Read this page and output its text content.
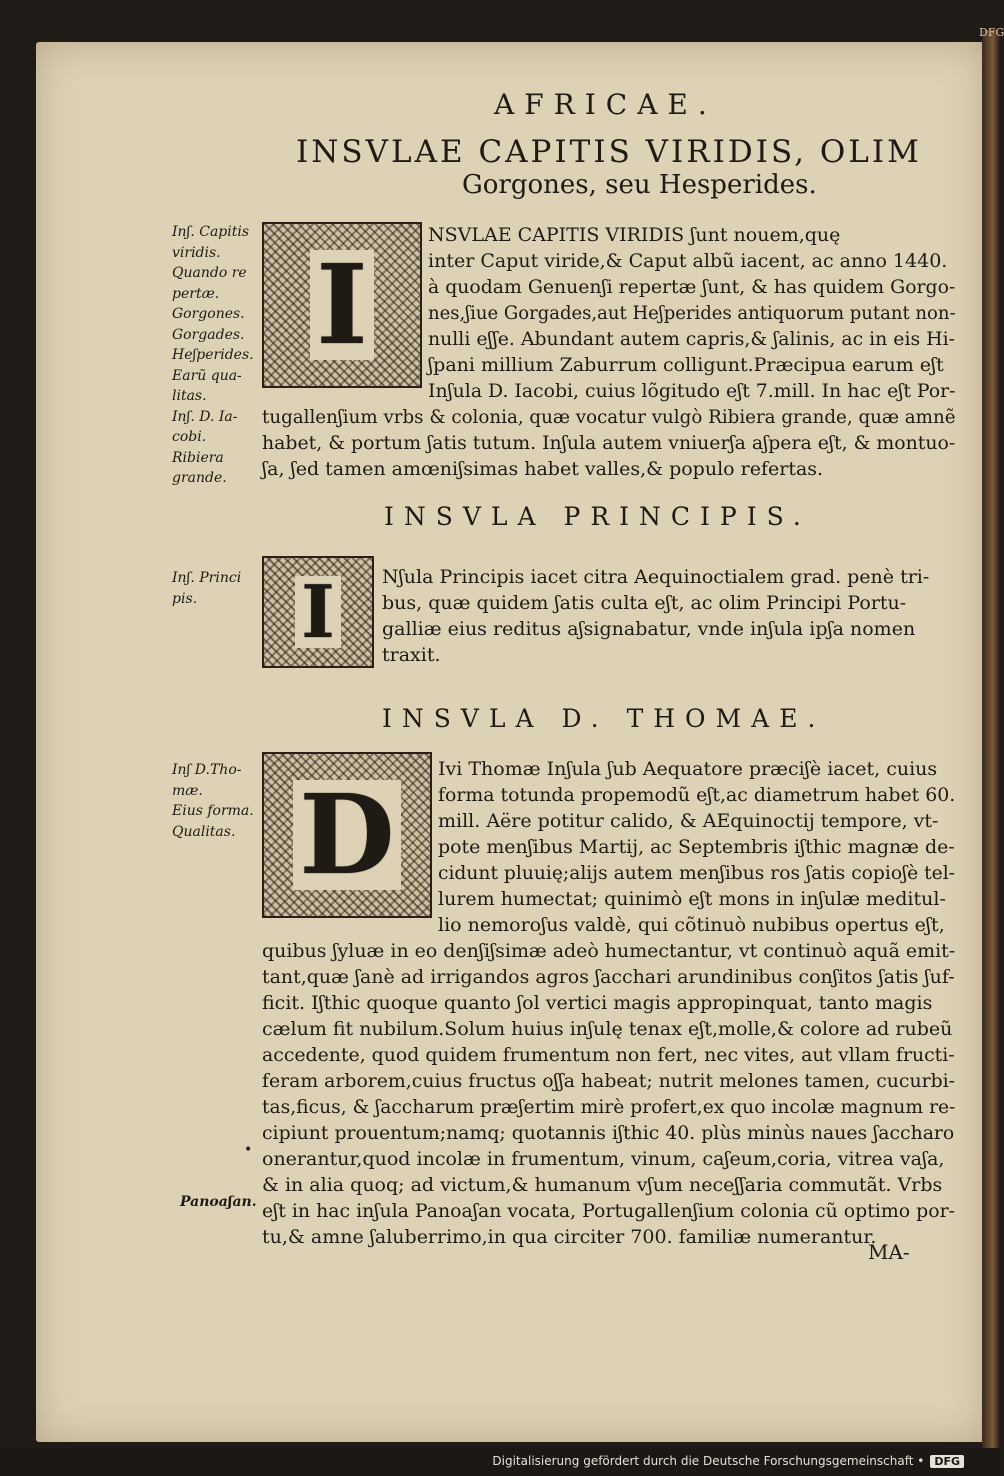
DFG
AFRICAE.
INSVLAE CAPITIS VIRIDIS, OLIM
Gorgones, seu Hesperides.
Inʃ. Capitis
viridis.
Quando re
pertæ.
Gorgones.
Gorgades.
Heʃperides.
Earũ qua-
litas.
Inʃ. D. Ia-
cobi.
Ribiera
grande.
I
NSVLAE CAPITIS VIRIDIS ʃunt nouem,quę
inter Caput viride,& Caput albũ iacent, ac anno 1440.
à quodam Genuenʃi repertæ ʃunt, & has quidem Gorgo-
nes,ʃiue Gorgades,aut Heʃperides antiquorum putant non-
nulli eʃʃe. Abundant autem capris,& ʃalinis, ac in eis Hi-
ʃpani millium Zaburrum colligunt.Præcipua earum eʃt
Inʃula D. Iacobi, cuius lõgitudo eʃt 7.mill. In hac eʃt Por-
tugallenʃium vrbs & colonia, quæ vocatur vulgò Ribiera grande, quæ amnẽ
habet, & portum ʃatis tutum. Inʃula autem vniuerʃa aʃpera eʃt, & montuo-
ʃa, ʃed tamen amœniʃsimas habet valles,& populo refertas.
INSVLA PRINCIPIS.
Inʃ. Princi
pis.	I	Nʃula Principis iacet citra Aequinoctialem grad. penè tri-
bus, quæ quidem ʃatis culta eʃt, ac olim Principi Portu-
galliæ eius reditus aʃsignabatur, vnde inʃula ipʃa nomen
traxit.
INSVLA D. THOMAE.
Inʃ D.Tho-
mæ.
Eius forma.
Qualitas.
•
Panoaʃan.
D
Ivi Thomæ Inʃula ʃub Aequatore præciʃè iacet, cuius
forma totunda propemodũ eʃt,ac diametrum habet 60.
mill. Aëre potitur calido, & AEquinoctij tempore, vt-
pote menʃibus Martij, ac Septembris iʃthic magnæ de-
cidunt pluuię;alijs autem menʃibus ros ʃatis copioʃè tel-
lurem humectat; quinimò eʃt mons in inʃulæ meditul-
lio nemoroʃus valdè, qui cõtinuò nubibus opertus eʃt,
quibus ʃyluæ in eo denʃiʃsimæ adeò humectantur, vt continuò aquã emit-
tant,quæ ʃanè ad irrigandos agros ʃacchari arundinibus conʃitos ʃatis ʃuf-
ficit. Iʃthic quoque quanto ʃol vertici magis appropinquat, tanto magis
cælum fit nubilum.Solum huius inʃulę tenax eʃt,molle,& colore ad rubeũ
accedente, quod quidem frumentum non fert, nec vites, aut vllam fructi-
feram arborem,cuius fructus oʃʃa habeat; nutrit melones tamen, cucurbi-
tas,ficus, & ʃaccharum præʃertim mirè profert,ex quo incolæ magnum re-
cipiunt prouentum;namq; quotannis iʃthic 40. plùs minùs naues ʃaccharo
onerantur,quod incolæ in frumentum, vinum, caʃeum,coria, vitrea vaʃa,
& in alia quoq; ad victum,& humanum vʃum neceʃʃaria commutãt. Vrbs
eʃt in hac inʃula Panoaʃan vocata, Portugallenʃium colonia cũ optimo por-
tu,& amne ʃaluberrimo,in qua circiter 700. familiæ numerantur.
MA-
Digitalisierung gefördert durch die Deutsche Forschungsgemeinschaft • DFG
